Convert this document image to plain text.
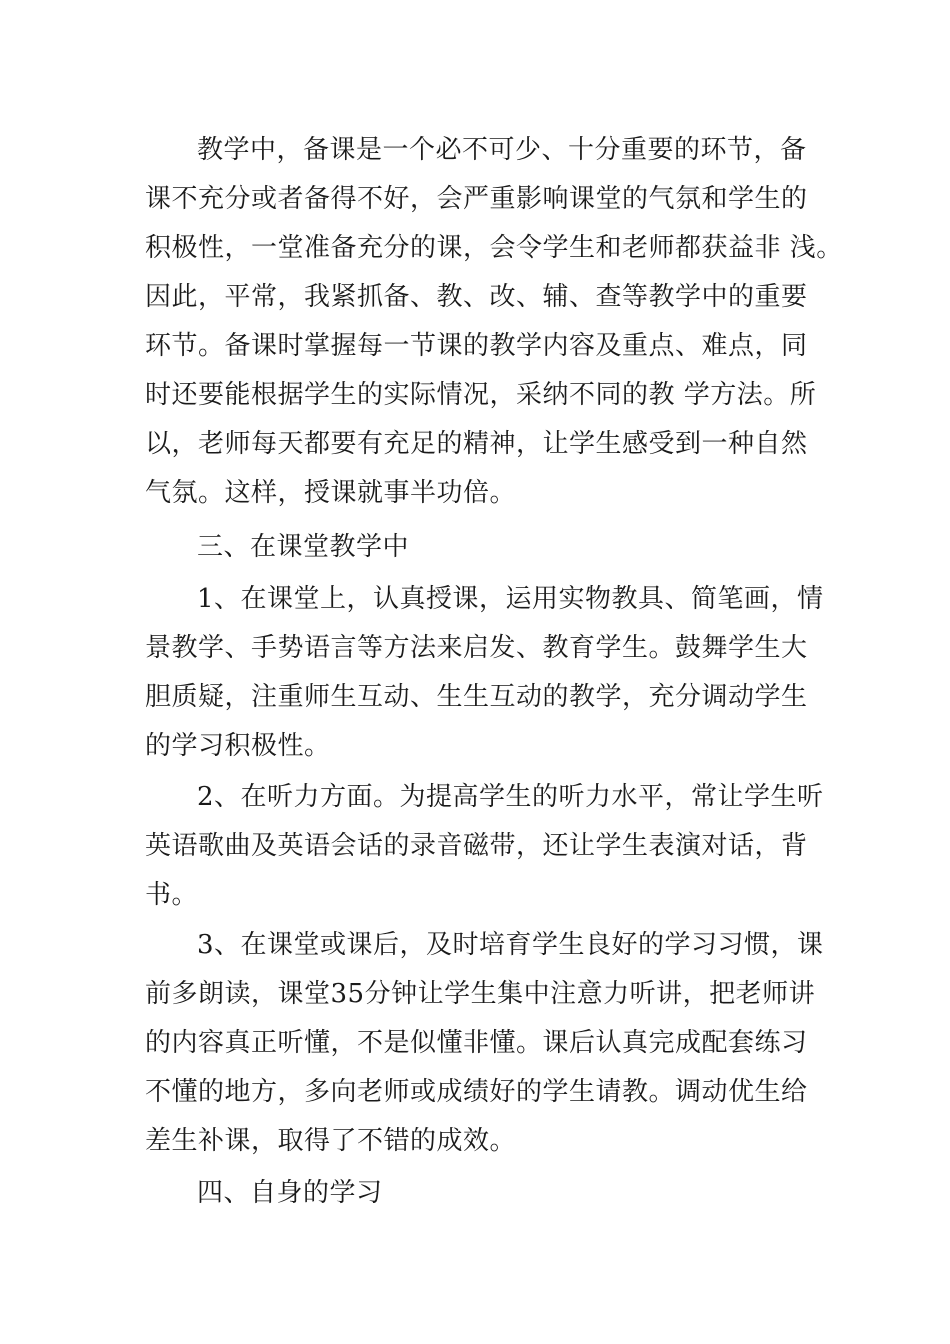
教学中，备课是一个必不可少、十分重要的环节，备
课不充分或者备得不好，会严重影响课堂的气氛和学生的
积极性，一堂准备充分的课，会令学生和老师都获益非 浅。
因此，平常，我紧抓备、教、改、辅、查等教学中的重要
环节。备课时掌握每一节课的教学内容及重点、难点，同
时还要能根据学生的实际情况，采纳不同的教 学方法。所
以，老师每天都要有充足的精神，让学生感受到一种自然
气氛。这样，授课就事半功倍。
三、在课堂教学中
1、在课堂上，认真授课，运用实物教具、简笔画，情
景教学、手势语言等方法来启发、教育学生。鼓舞学生大
胆质疑，注重师生互动、生生互动的教学，充分调动学生
的学习积极性。
2、在听力方面。为提高学生的听力水平，常让学生听
英语歌曲及英语会话的录音磁带，还让学生表演对话，背
书。
3、在课堂或课后，及时培育学生良好的学习习惯，课
前多朗读，课堂35分钟让学生集中注意力听讲，把老师讲
的内容真正听懂，不是似懂非懂。课后认真完成配套练习
不懂的地方，多向老师或成绩好的学生请教。调动优生给
差生补课，取得了不错的成效。
四、自身的学习
